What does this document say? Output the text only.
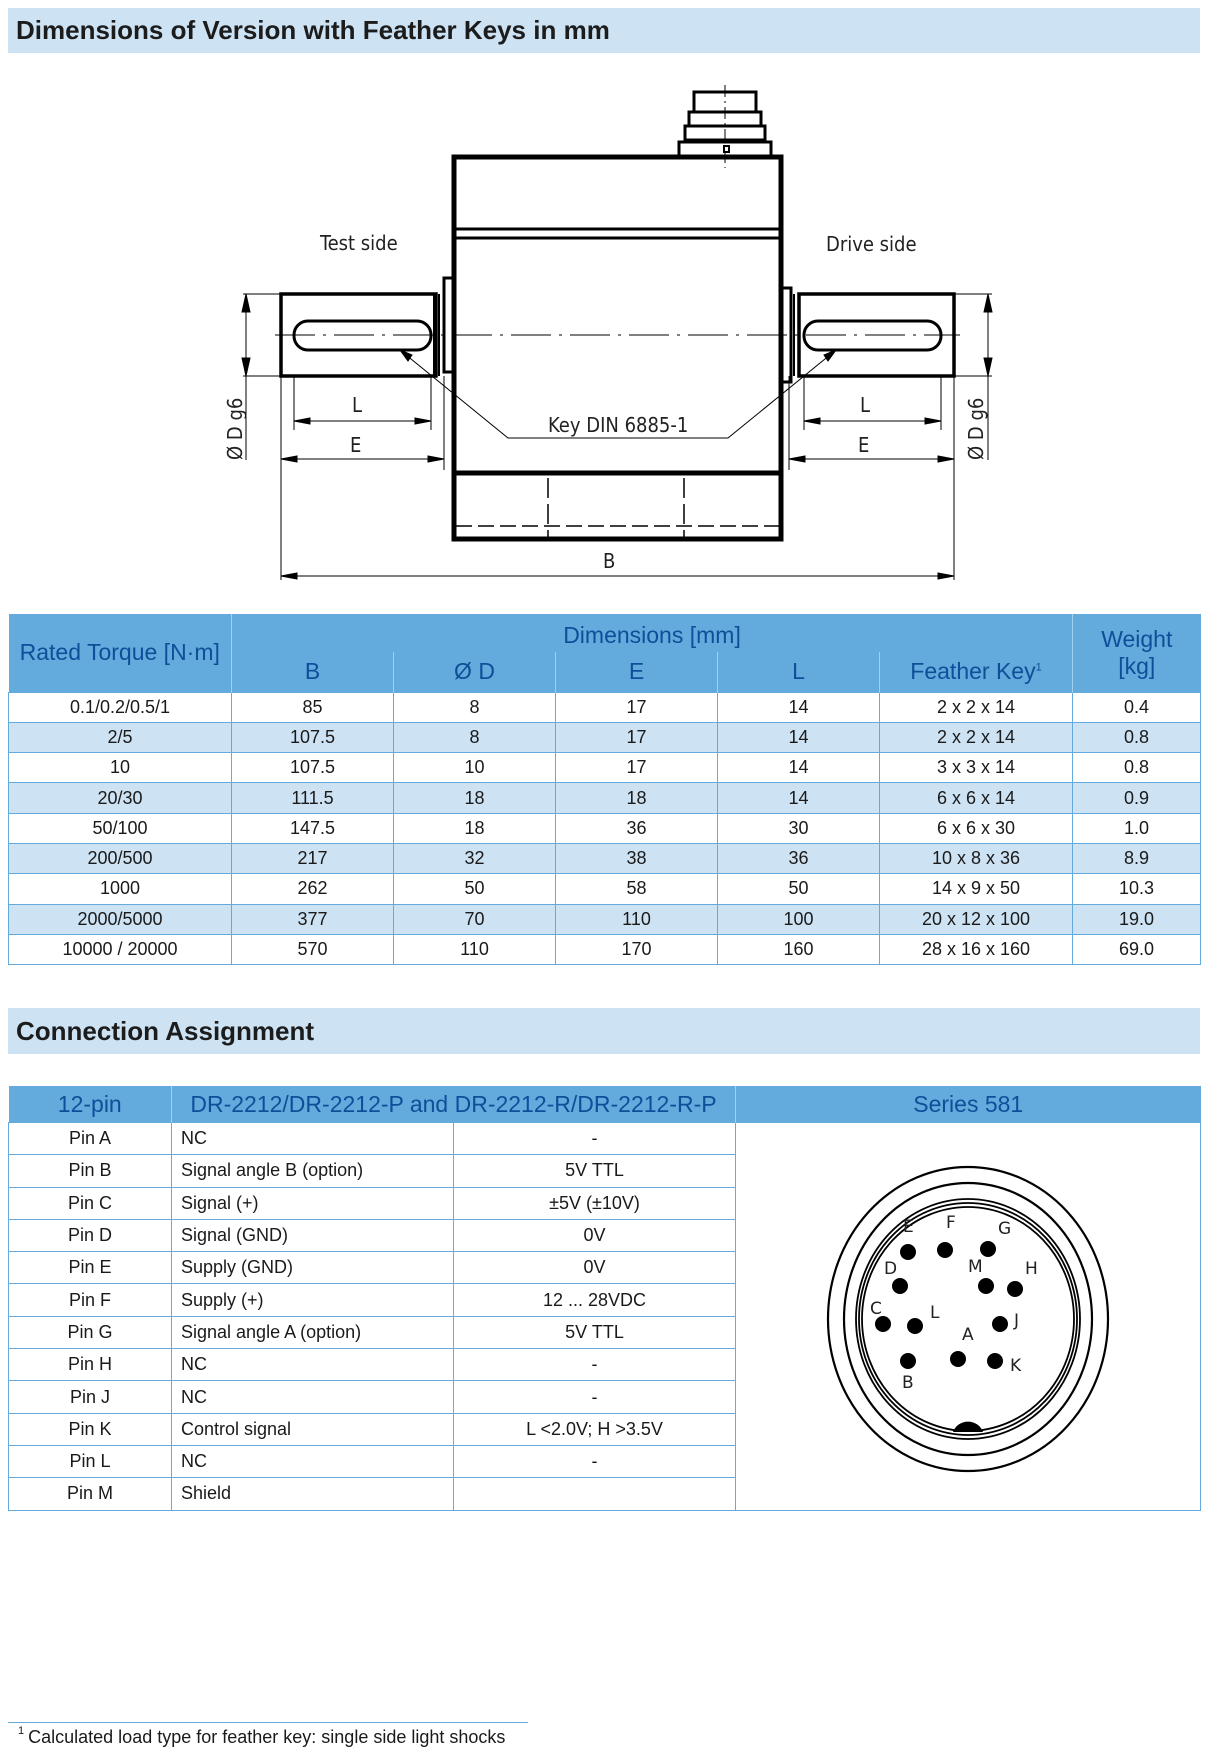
Dimensions of Version with Feather Keys in mm
Test side	Drive side
Key DIN 6885-1
L	L
E	E
B
Ø D g6	Ø D g6
Rated Torque [N·m]	Dimensions [mm]					Weight
[kg]
	B	Ø D	E	L	Feather Key$^1$
0.1/0.2/0.5/1	85	8	17	14	2 x 2 x 14	0.4
2/5	107.5	8	17	14	2 x 2 x 14	0.8
10	107.5	10	17	14	3 x 3 x 14	0.8
20/30	111.5	18	18	14	6 x 6 x 14	0.9
50/100	147.5	18	36	30	6 x 6 x 30	1.0
200/500	217	32	38	36	10 x 8 x 36	8.9
1000	262	50	58	50	14 x 9 x 50	10.3
2000/5000	377	70	110	100	20 x 12 x 100	19.0
10000 / 20000	570	110	170	160	28 x 16 x 160	69.0
Connection Assignment
12-pin	DR-2212/DR-2212-P and DR-2212-R/DR-2212-R-P		Series 581
Pin A	NC	-	
A
B
C
D
E F G
H
J
K
L
M

Pin B	Signal angle B (option)	5V TTL	
Pin C	Signal (+)	±5V (±10V)	
Pin D	Signal (GND)	0V	
Pin E	Supply (GND)	0V	
Pin F	Supply (+)	12 ... 28VDC	
Pin G	Signal angle A (option)	5V TTL	
Pin H	NC	-	
Pin J	NC	-	
Pin K	Control signal	L <2.0V; H >3.5V	
Pin L	NC	-	
Pin M	Shield		
$^1$ Calculated load type for feather key: single side light shocks
